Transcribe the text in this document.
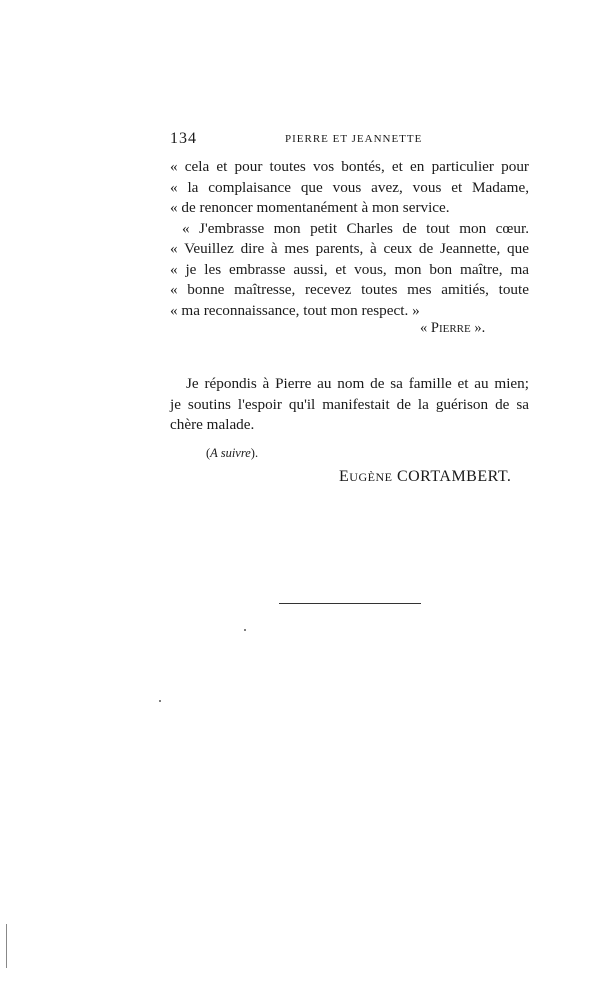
134	PIERRE ET JEANNETTE
« cela et pour toutes vos bontés, et en particulier pour
« la complaisance que vous avez, vous et Madame,
« de renoncer momentanément à mon service.
« J'embrasse mon petit Charles de tout mon cœur.
« Veuillez dire à mes parents, à ceux de Jeannette, que
« je les embrasse aussi, et vous, mon bon maître, ma
« bonne maîtresse, recevez toutes mes amitiés, toute
« ma reconnaissance, tout mon respect. »
« PIERRE ».
Je répondis à Pierre au nom de sa famille et au mien;
je soutins l'espoir qu'il manifestait de la guérison de sa
chère malade.
(A suivre).
EUGÈNE CORTAMBERT.
